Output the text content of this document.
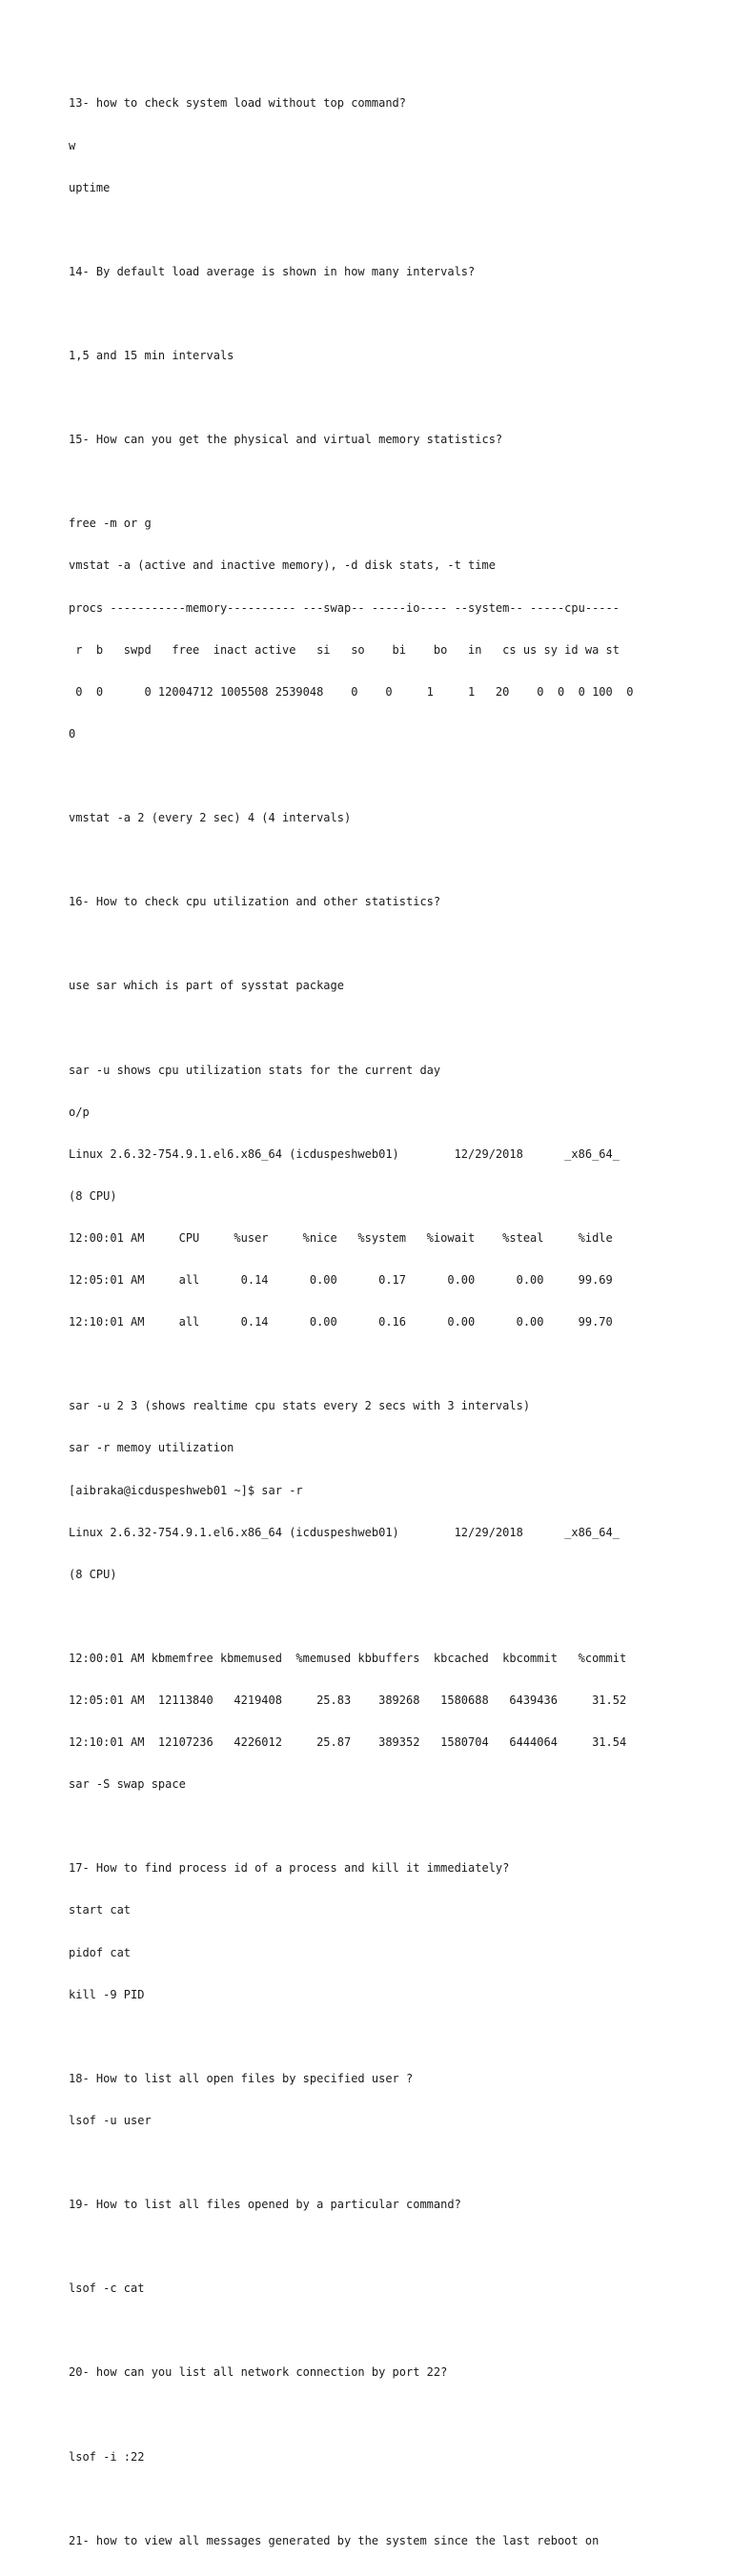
13- how to check system load without top command?

w

uptime

14- By default load average is shown in how many intervals?

1,5 and 15 min intervals

15- How can you get the physical and virtual memory statistics?

free -m or g

vmstat -a (active and inactive memory), -d disk stats, -t time

procs -----------memory---------- ---swap-- -----io---- --system-- -----cpu-----

r  b   swpd   free  inact active   si   so    bi    bo   in   cs us sy id wa st

0  0      0 12004712 1005508 2539048    0    0     1     1   20    0  0  0 100  0

0

vmstat -a 2 (every 2 sec) 4 (4 intervals)

16- How to check cpu utilization and other statistics?

use sar which is part of sysstat package

sar -u shows cpu utilization stats for the current day

o/p

Linux 2.6.32-754.9.1.el6.x86_64 (icduspeshweb01)        12/29/2018      _x86_64_

(8 CPU)

12:00:01 AM     CPU     %user     %nice   %system   %iowait    %steal     %idle

12:05:01 AM     all      0.14      0.00      0.17      0.00      0.00     99.69

12:10:01 AM     all      0.14      0.00      0.16      0.00      0.00     99.70

sar -u 2 3 (shows realtime cpu stats every 2 secs with 3 intervals)

sar -r memoy utilization

[aibraka@icduspeshweb01 ~]$ sar -r

Linux 2.6.32-754.9.1.el6.x86_64 (icduspeshweb01)        12/29/2018      _x86_64_

(8 CPU)

12:00:01 AM kbmemfree kbmemused  %memused kbbuffers  kbcached  kbcommit   %commit

12:05:01 AM  12113840   4219408     25.83    389268   1580688   6439436     31.52

12:10:01 AM  12107236   4226012     25.87    389352   1580704   6444064     31.54

sar -S swap space

17- How to find process id of a process and kill it immediately?

start cat

pidof cat

kill -9 PID

18- How to list all open files by specified user ?

lsof -u user

19- How to list all files opened by a particular command?

lsof -c cat

20- how can you list all network connection by port 22?

lsof -i :22

21- how to view all messages generated by the system since the last reboot on
